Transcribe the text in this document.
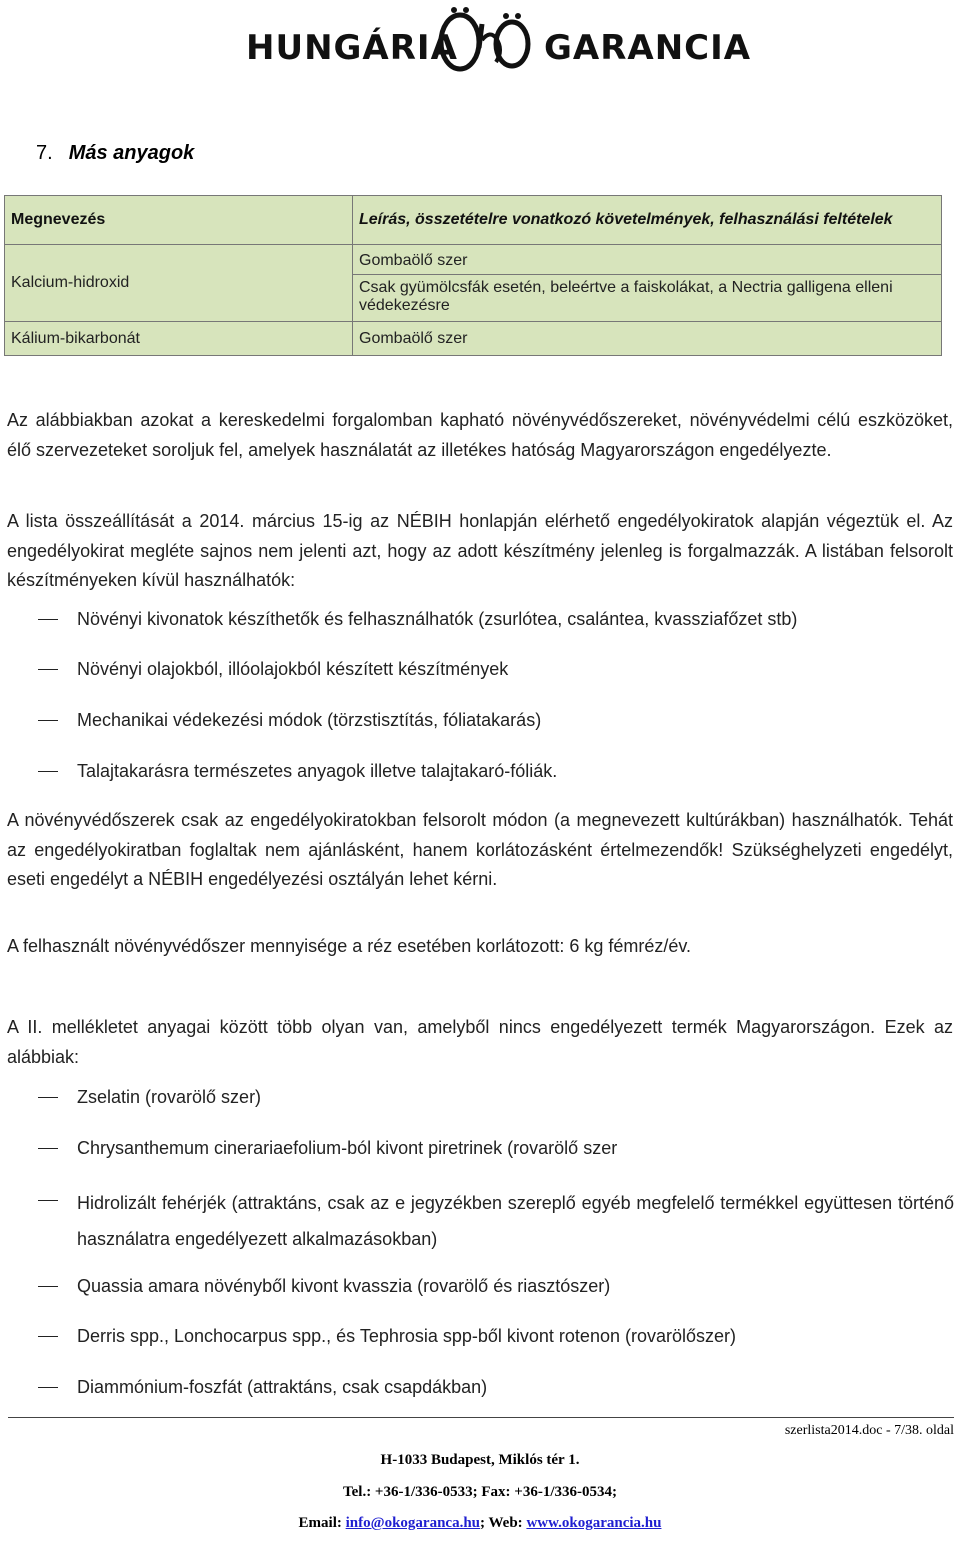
HUNGÁRIA
ÖKO
GARANCIA
7. Más anyagok
Megnevezés	Leírás, összetételre vonatkozó követelmények, felhasználási feltételek
Kalcium-hidroxid	Gombaölő szer
Csak gyümölcsfák esetén, beleértve a faiskolákat, a Nectria galligena elleni védekezésre

Kálium-bikarbonát	Gombaölő szer
Az alábbiakban azokat a kereskedelmi forgalomban kapható növényvédőszereket, növényvédelmi célú eszközöket, élő szervezeteket soroljuk fel, amelyek használatát az illetékes hatóság Magyarországon engedélyezte.
A lista összeállítását a 2014. március 15-ig az NÉBIH honlapján elérhető engedélyokiratok alapján végeztük el. Az engedélyokirat megléte sajnos nem jelenti azt, hogy az adott készítmény jelenleg is forgalmazzák. A listában felsorolt készítményeken kívül használhatók:
Növényi kivonatok készíthetők és felhasználhatók (zsurlótea, csalántea, kvassziafőzet stb)
Növényi olajokból, illóolajokból készített készítmények
Mechanikai védekezési módok (törzstisztítás, fóliatakarás)
Talajtakarásra természetes anyagok illetve talajtakaró-fóliák.
A növényvédőszerek csak az engedélyokiratokban felsorolt módon (a megnevezett kultúrákban) használhatók. Tehát az engedélyokiratban foglaltak nem ajánlásként, hanem korlátozásként értelmezendők! Szükséghelyzeti engedélyt, eseti engedélyt a NÉBIH engedélyezési osztályán lehet kérni.
A felhasznált növényvédőszer mennyisége a réz esetében korlátozott: 6 kg fémréz/év.
A II. mellékletet anyagai között több olyan van, amelyből nincs engedélyezett termék Magyarországon. Ezek az alábbiak:
Zselatin (rovarölő szer)
Chrysanthemum cinerariaefolium-ból kivont piretrinek (rovarölő szer
Hidrolizált fehérjék (attraktáns, csak az e jegyzékben szereplő egyéb megfelelő termékkel együttesen történő használatra engedélyezett alkalmazásokban)
Quassia amara növényből kivont kvasszia (rovarölő és riasztószer)
Derris spp., Lonchocarpus spp., és Tephrosia spp-ből kivont rotenon (rovarölőszer)
Diammónium-foszfát (attraktáns, csak csapdákban)
szerlista2014.doc - 7/38. oldal
H-1033 Budapest, Miklós tér 1.
Tel.: +36-1/336-0533; Fax: +36-1/336-0534;
Email: info@okogaranca.hu; Web: www.okogarancia.hu
